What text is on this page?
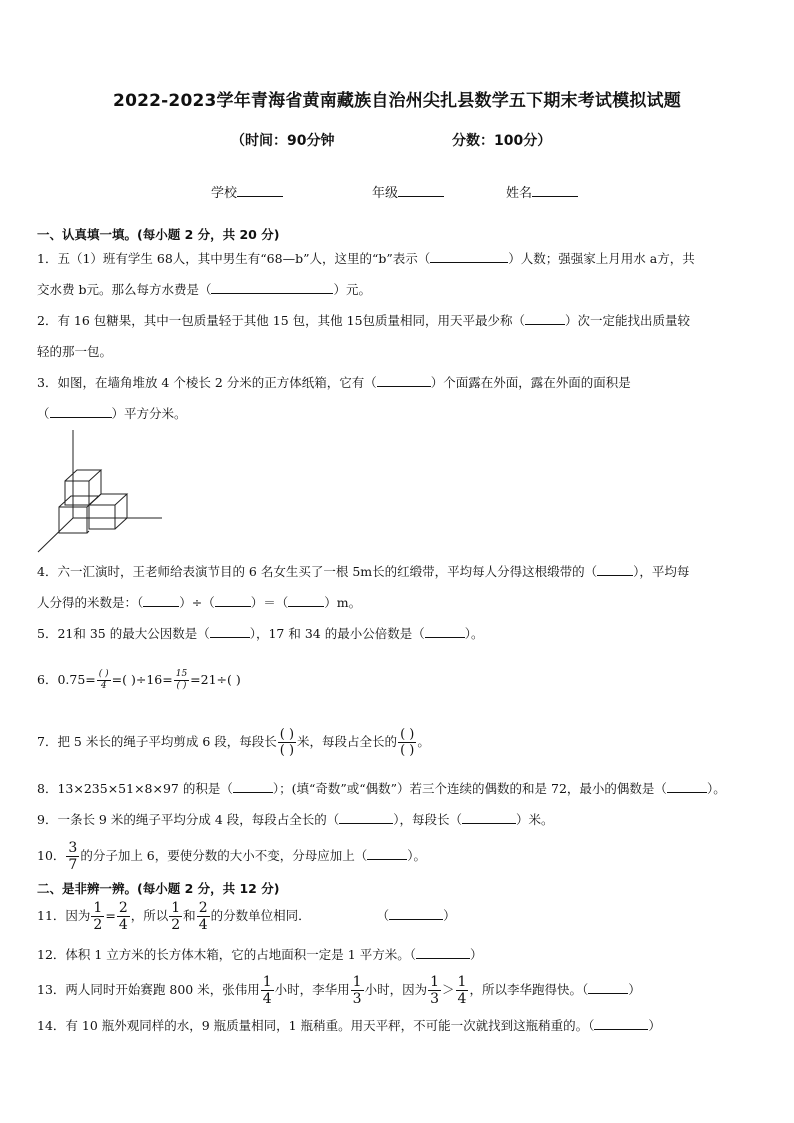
2022-2023学年青海省黄南藏族自治州尖扎县数学五下期末考试模拟试题
（时间：90分钟	分数：100分）
学校	年级	姓名
一、认真填一填。(每小题 2 分，共 20 分)
1．五（1）班有学生 68人，其中男生有“68—b”人，这里的“b”表示（	）人数；强强家上月用水 a方，共
交水费 b元。那么每方水费是（	）元。
2．有 16 包糖果，其中一包质量轻于其他 15 包，其他 15包质量相同，用天平最少称（	）次一定能找出质量较
轻的那一包。
3．如图，在墙角堆放 4 个棱长 2 分米的正方体纸箱，它有（	）个面露在外面，露在外面的面积是
（	）平方分米。
4．六一汇演时，王老师给表演节目的 6 名女生买了一根 5m长的红缎带，平均每人分得这根缎带的（	），平均每
人分得的米数是：（	）÷（	）＝（	）m。
5．21和 35 的最大公因数是（	），17 和 34 的最小公倍数是（	）。
6．$0.75= \frac{( )}{4}$ =( )$\div 16= \frac{15}{( )} =21\div$( )
7．把 5 米长的绳子平均剪成 6 段，每段长 $\frac{( )}{( )}$ 米，每段占全长的 $\frac{( )}{( )}$ 。
8．13×235×51×8×97 的积是（	）；(填“奇数”或“偶数”）若三个连续的偶数的和是 72，最小的偶数是（	）。
9．一条长 9 米的绳子平均分成 4 段，每段占全长的（	），每段长（	）米。
10． $\frac{3}{7}$ 的分子加上 6，要使分数的大小不变，分母应加上（	）。
二、是非辨一辨。(每小题 2 分，共 12 分)
11．因为 $\frac{1}{2} = \frac{2}{4}$ ，所以 $\frac{1}{2}$ 和 $\frac{2}{4}$ 的分数单位相同．	（	）
12．体积 1 立方米的长方体木箱，它的占地面积一定是 1 平方米。（	）
13．两人同时开始赛跑 800 米，张伟用 $\frac{1}{4}$ 小时，李华用 $\frac{1}{3}$ 小时，因为 $\frac{1}{3} > \frac{1}{4}$ ，所以李华跑得快。（	）
14．有 10 瓶外观同样的水，9 瓶质量相同，1 瓶稍重。用天平秤，不可能一次就找到这瓶稍重的。（	）
